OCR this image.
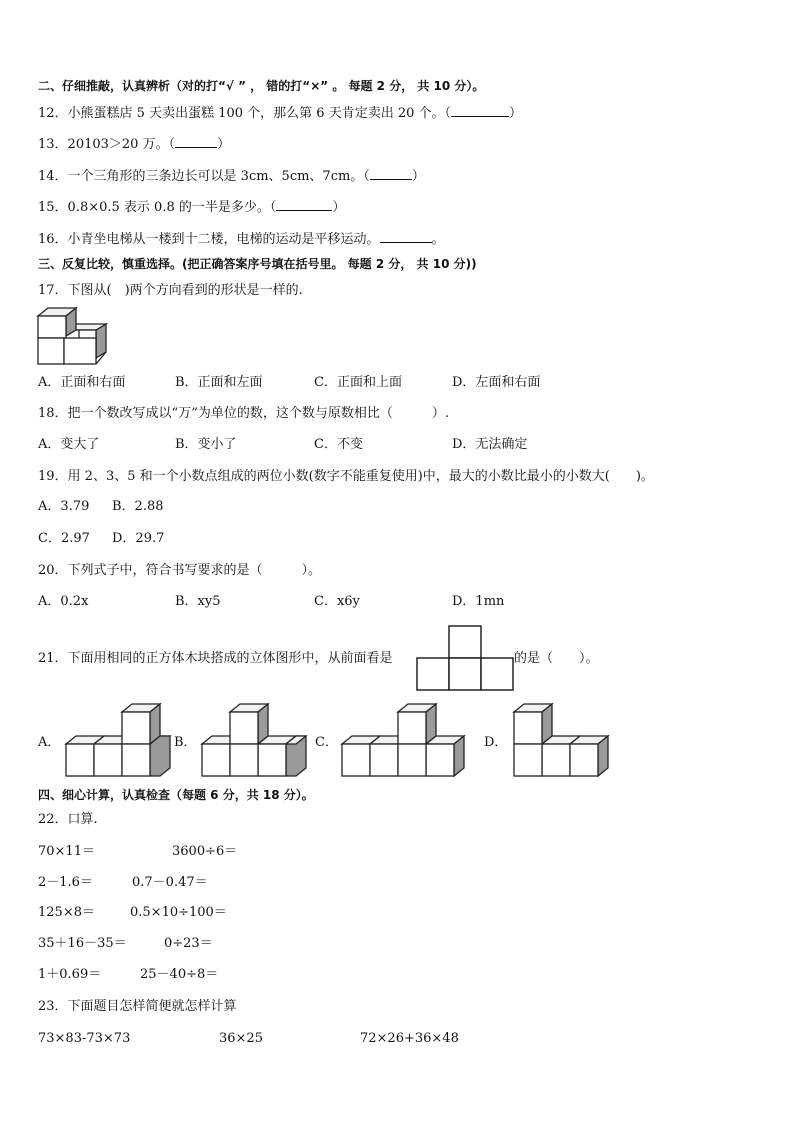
二、仔细推敲，认真辨析（对的打“√ ” ， 错的打“×” 。 每题 2 分， 共 10 分）。
12．小熊蛋糕店 5 天卖出蛋糕 100 个，那么第 6 天肯定卖出 20 个。（	）
13．20103＞20 万。（	）
14．一个三角形的三条边长可以是 3cm、5cm、7cm。（	）
15．0.8×0.5 表示 0.8 的一半是多少。（	）
16．小青坐电梯从一楼到十二楼，电梯的运动是平移运动。	。
三、反复比较，慎重选择。(把正确答案序号填在括号里。 每题 2 分， 共 10 分))
17．下图从(　)两个方向看到的形状是一样的.
A．正面和右面	B．正面和左面	C．正面和上面	D．左面和右面
18．把一个数改写成以“万”为单位的数，这个数与原数相比（　　　）.
A．变大了	B．变小了	C．不变	D．无法确定
19．用 2、3、5 和一个小数点组成的两位小数(数字不能重复使用)中，最大的小数比最小的小数大(　　)。
A．3.79 B．2.88
C．2.97 D．29.7
20．下列式子中，符合书写要求的是（　　　）。
A．0.2x	B．xy5	C．x6y	D．1mn
21．下面用相同的正方体木块搭成的立体图形中，从前面看是	的是（　　）。
A．	B．	C．	D．
四、细心计算，认真检查（每题 6 分，共 18 分）。
22．口算.
70×11＝	3600÷6＝
2－1.6＝	0.7－0.47＝
125×8＝	0.5×10÷100＝
35＋16－35＝	0÷23＝
1＋0.69＝	25－40÷8＝
23．下面题目怎样简便就怎样计算
73×83-73×73	36×25	72×26+36×48
